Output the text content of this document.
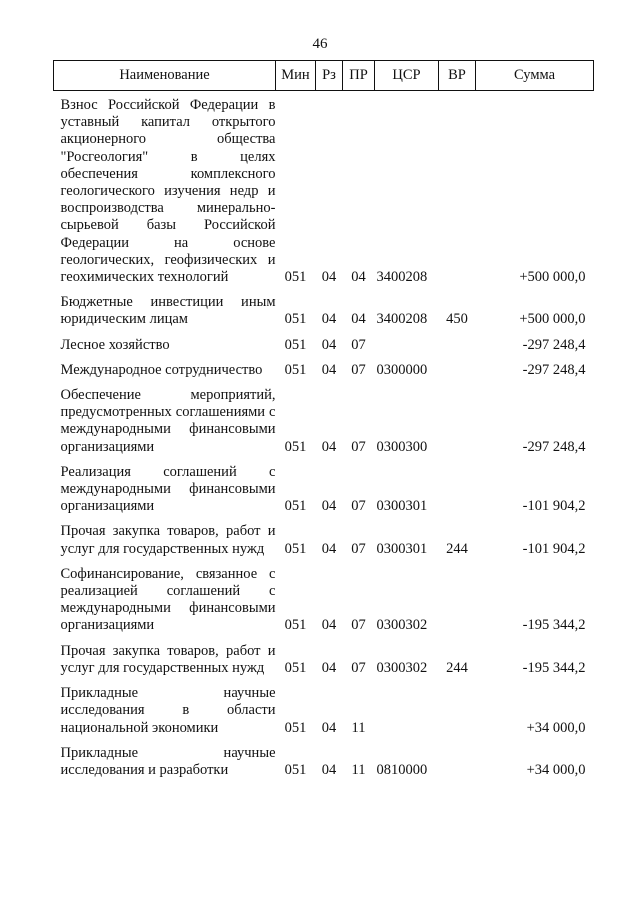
46
Наименование	Мин	Рз	ПР	ЦСР	ВР	Сумма

Взнос Российской Федерации в уставный капитал открытого акционерного общества "Росгеология" в целях обеспечения комплексного геологического изучения недр и воспроизводства минерально-сырьевой базы Российской Федерации на основе геологических, геофизических и геохимических технологий	051	04	04	3400208		+500 000,0

Бюджетные инвестиции иным юридическим лицам	051	04	04	3400208	450	+500 000,0

Лесное хозяйство	051	04	07			-297 248,4

Международное сотрудничество	051	04	07	0300000		-297 248,4

Обеспечение мероприятий, предусмотренных соглашениями с международными финансовыми организациями	051	04	07	0300300		-297 248,4

Реализация соглашений с международными финансовыми организациями	051	04	07	0300301		-101 904,2

Прочая закупка товаров, работ и услуг для государственных нужд	051	04	07	0300301	244	-101 904,2

Софинансирование, связанное с реализацией соглашений с международными финансовыми организациями	051	04	07	0300302		-195 344,2

Прочая закупка товаров, работ и услуг для государственных нужд	051	04	07	0300302	244	-195 344,2

Прикладные научные исследования в области национальной экономики	051	04	11			+34 000,0

Прикладные научные исследования и разработки	051	04	11	0810000		+34 000,0
